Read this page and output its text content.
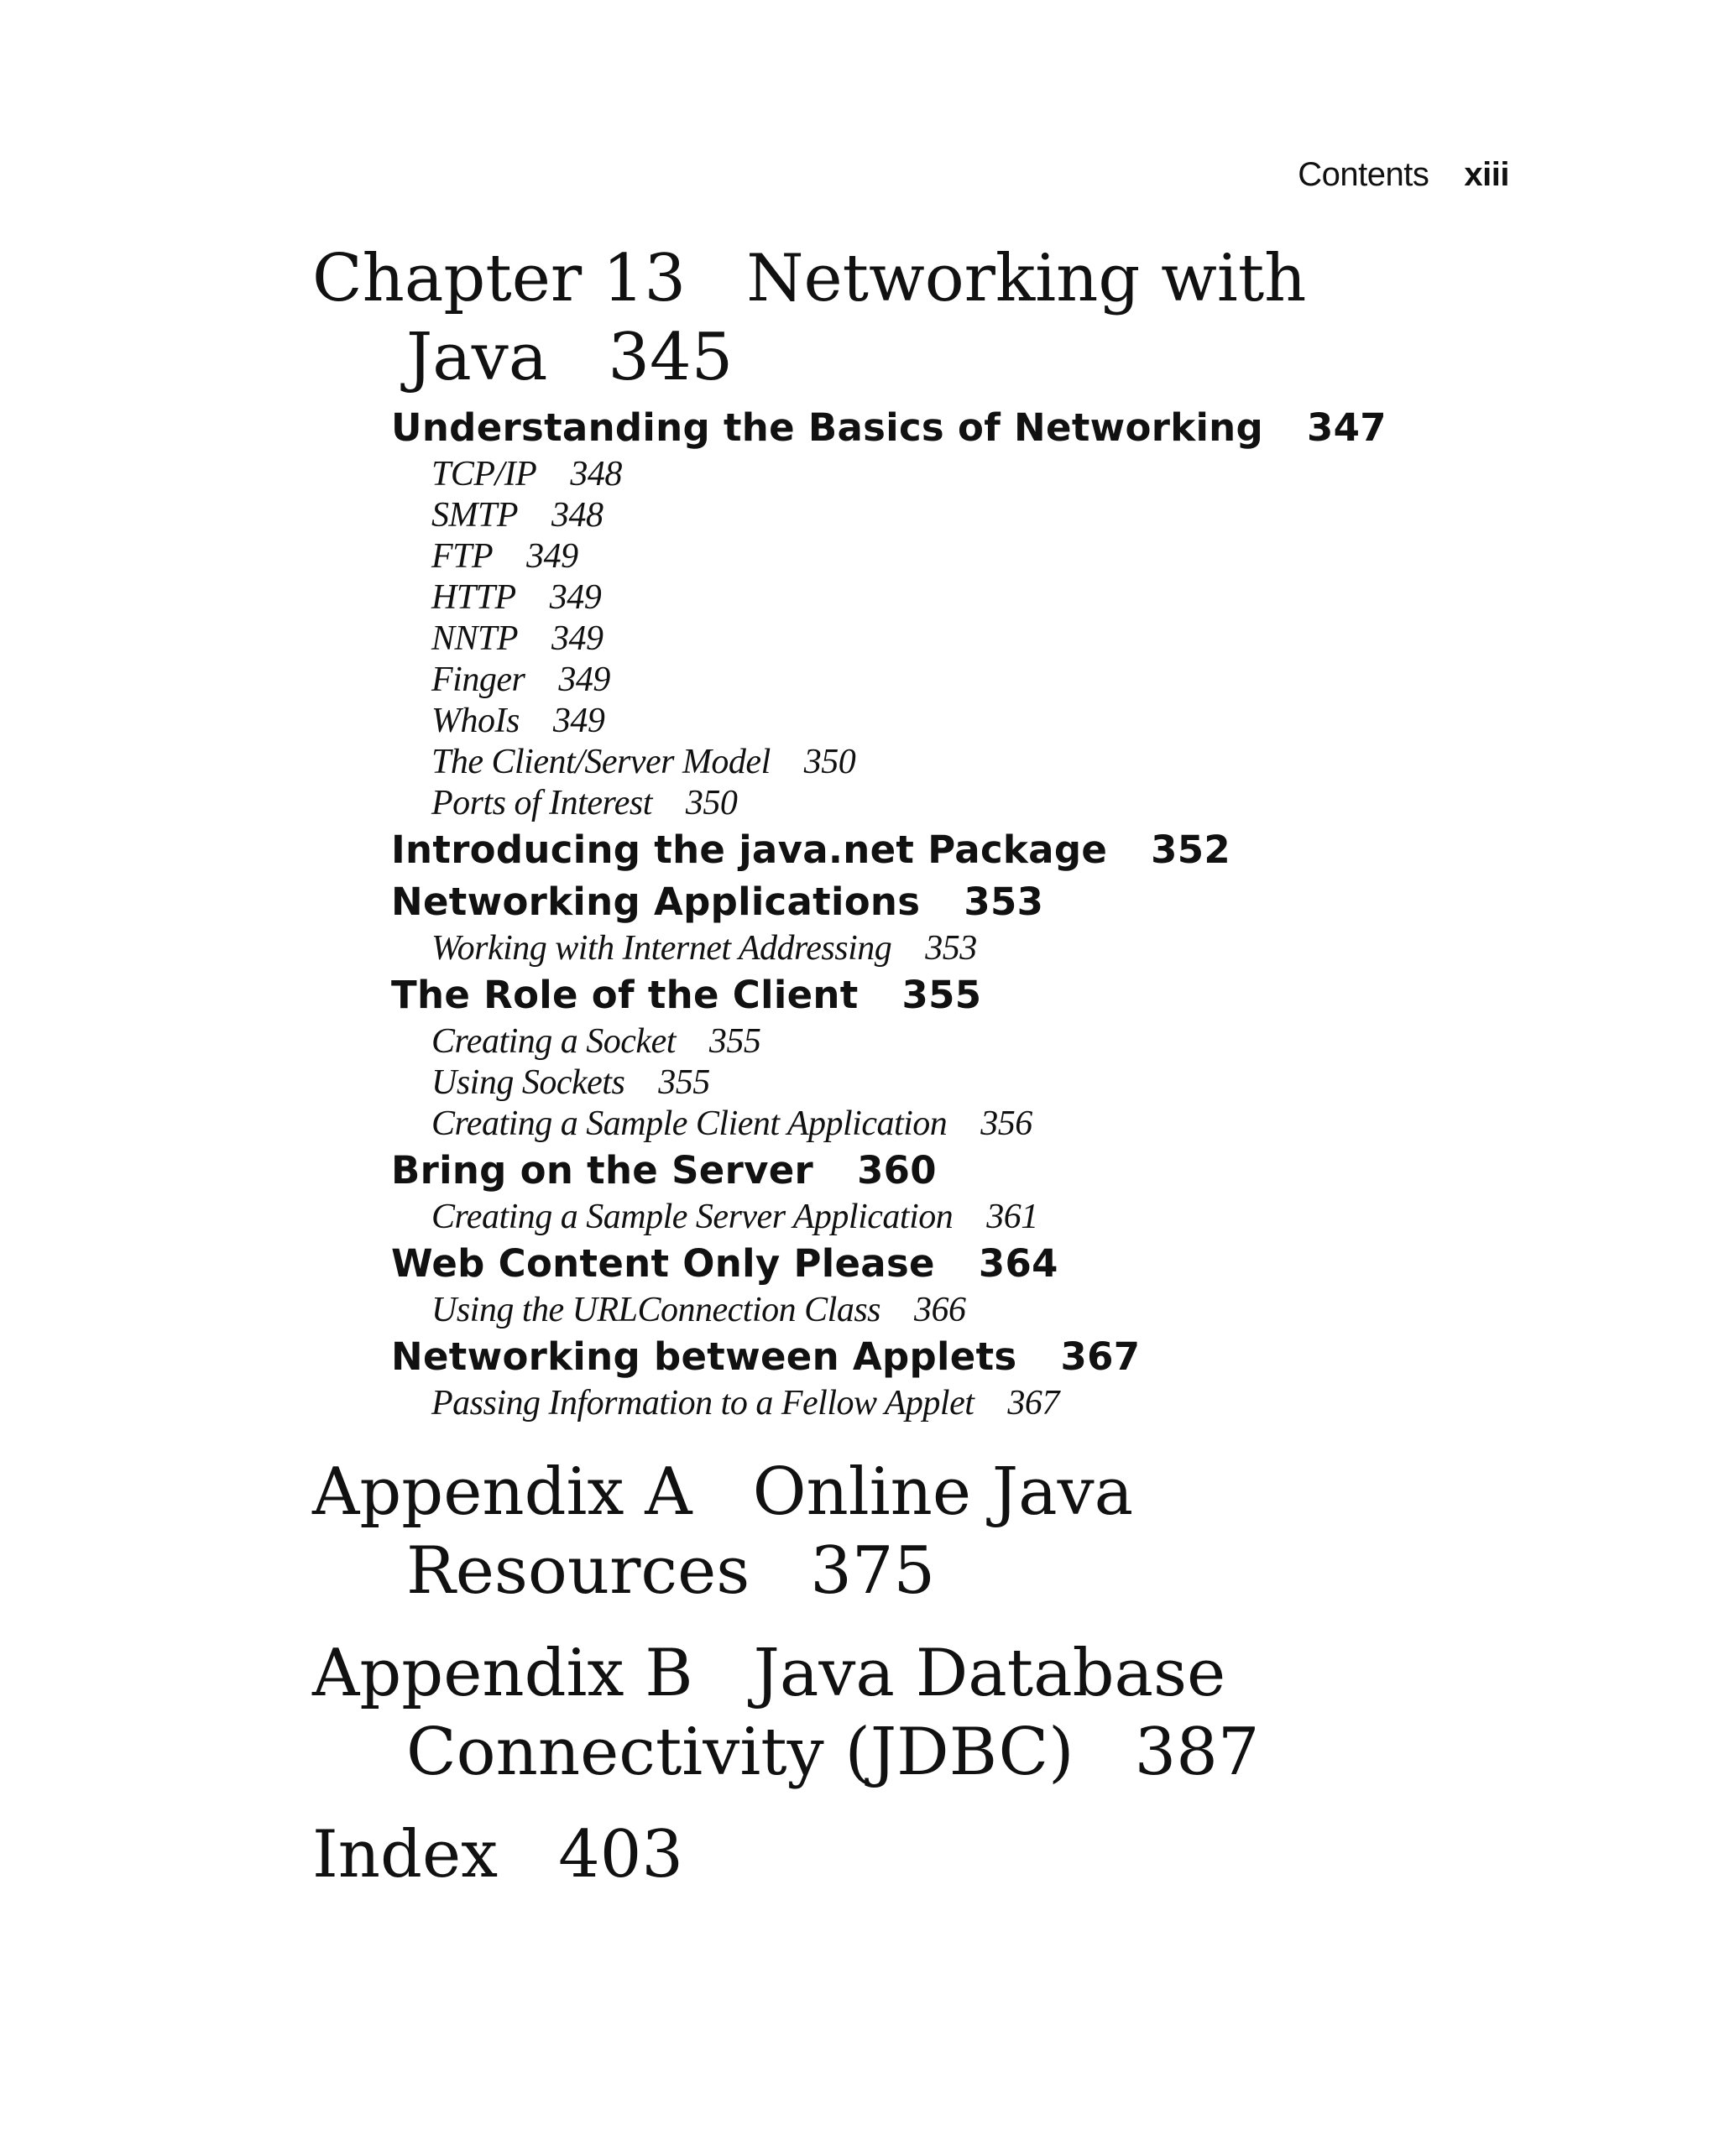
Contents xiii
Chapter 13 Networking with
Java 345
Understanding the Basics of Networking 347
TCP/IP 348
SMTP 348
FTP 349
HTTP 349
NNTP 349
Finger 349
WhoIs 349
The Client/Server Model 350
Ports of Interest 350
Introducing the java.net Package 352
Networking Applications 353
Working with Internet Addressing 353
The Role of the Client 355
Creating a Socket 355
Using Sockets 355
Creating a Sample Client Application 356
Bring on the Server 360
Creating a Sample Server Application 361
Web Content Only Please 364
Using the URLConnection Class 366
Networking between Applets 367
Passing Information to a Fellow Applet 367
Appendix A Online Java
Resources 375
Appendix B Java Database
Connectivity (JDBC) 387
Index 403
